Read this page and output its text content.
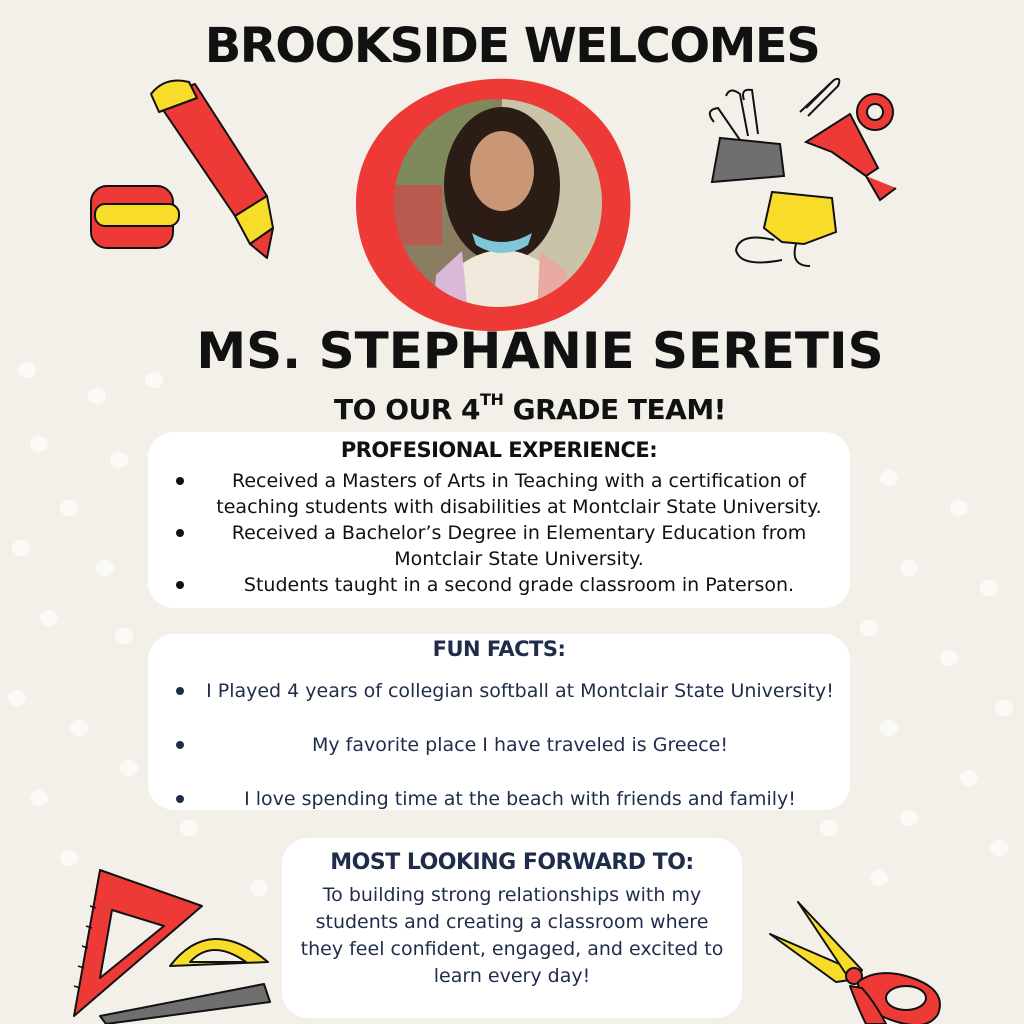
BROOKSIDE WELCOMES
MS. STEPHANIE SERETIS
TO OUR 4TH GRADE TEAM!
PROFESIONAL EXPERIENCE:
Received a Masters of Arts in Teaching with a certification of teaching students with disabilities at Montclair State University.
Received a Bachelor’s Degree in Elementary Education from Montclair State University.
Students taught in a second grade classroom in Paterson.
FUN FACTS:
I Played 4 years of collegian softball at Montclair State University!
My favorite place I have traveled is Greece!
I love spending time at the beach with friends and family!
MOST LOOKING FORWARD TO:

To building strong relationships with my students and creating a classroom where they feel confident, engaged, and excited to learn every day!
